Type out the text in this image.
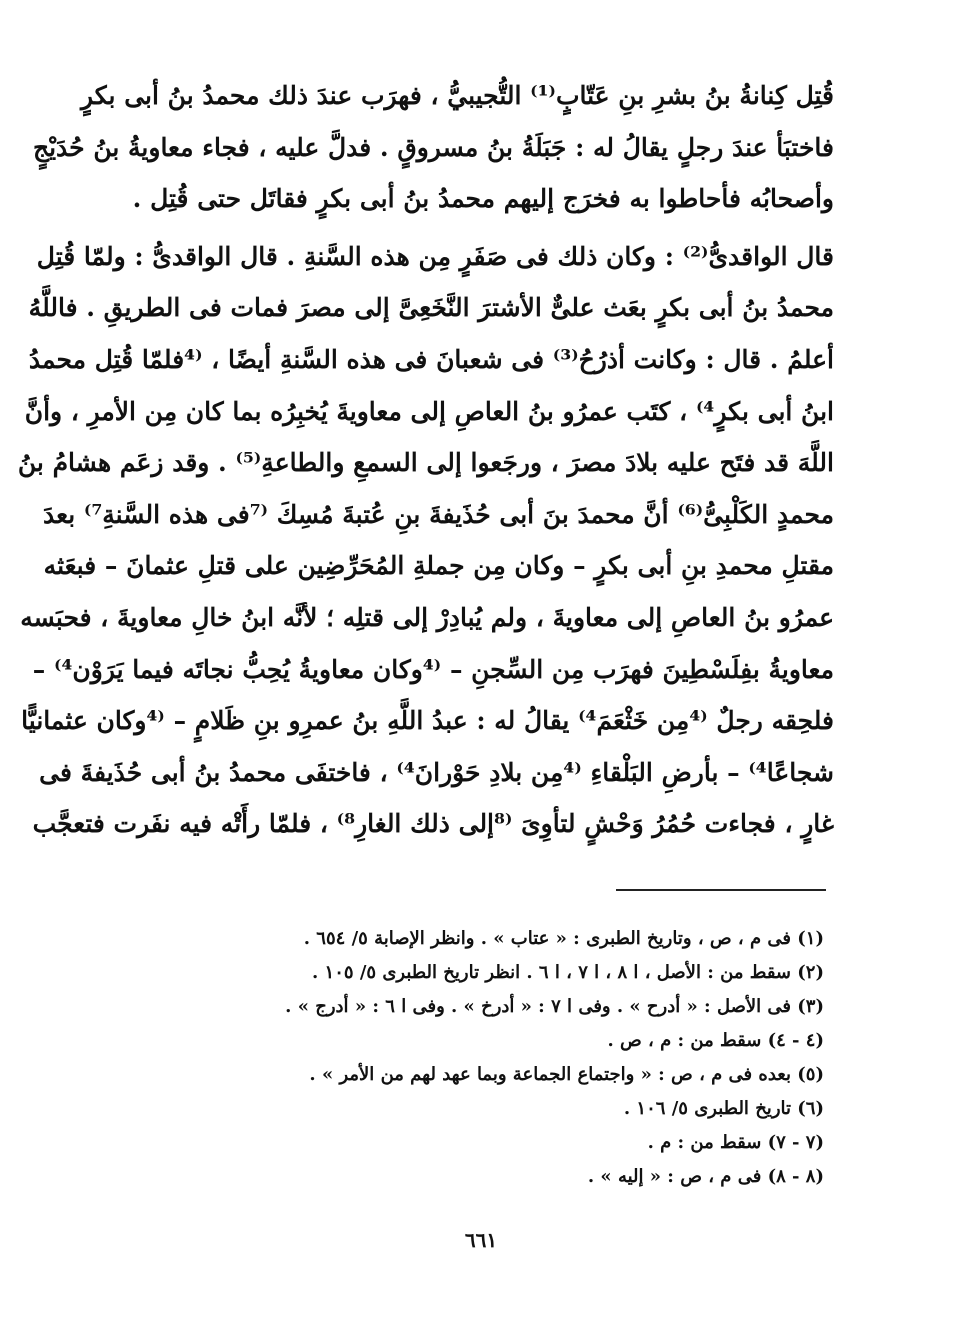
قُتِل كِنانةُ بنُ بشرِ بنِ عَتّابٍ⁽¹⁾ التُّجيبيُّ ، فهرَب عندَ ذلك محمدُ بنُ أبى بكرٍ
فاختبَأ عندَ رجلٍ يقالُ له : جَبَلَةُ بنُ مسروقٍ . فدلَّ عليه ، فجاء معاويةُ بنُ حُدَيْجٍ
وأصحابُه فأحاطوا به فخرَج إليهم محمدُ بنُ أبى بكرٍ فقاتَل حتى قُتِل .
قال الواقدىُّ⁽²⁾ : وكان ذلك فى صَفَرٍ مِن هذه السَّنةِ . قال الواقدىُّ : ولمّا قُتِل
محمدُ بنُ أبى بكرٍ بعَث علىٌّ الأشترَ النَّخَعِىَّ إلى مصرَ فمات فى الطريقِ . فاللَّهُ
أعلمُ . قال : وكانت أذرُحُ⁽³⁾ فى شعبانَ فى هذه السَّنةِ أيضًا ، ⁽⁴فلمّا قُتِل محمدُ
ابنُ أبى بكرٍ⁴⁾ ، كتَب عمرُو بنُ العاصِ إلى معاويةَ يُخبِرُه بما كان مِن الأمرِ ، وأنَّ
اللَّهَ قد فتَح عليه بلادَ مصرَ ، ورجَعوا إلى السمعِ والطاعةِ⁽⁵⁾ . وقد زعَم هشامُ بنُ
محمدٍ الكَلْبِىُّ⁽⁶⁾ أنَّ محمدَ بنَ أبى حُذَيفةَ بنِ عُتبةَ مُسِكَ ⁽⁷فى هذه السَّنةِ⁷⁾ بعدَ
مقتلِ محمدِ بنِ أبى بكرٍ – وكان مِن جملةِ المُحَرِّضِين على قتلِ عثمانَ – فبعَثه
عمرُو بنُ العاصِ إلى معاويةَ ، ولم يُبادِرْ إلى قتلِه ؛ لأنَّه ابنُ خالِ معاويةَ ، فحبَسه
معاويةُ بفِلَسْطِينَ فهرَب مِن السِّجنِ – ⁽⁴وكان معاويةُ يُحِبُّ نجاتَه فيما يَرَوْن⁴⁾ –
فلحِقه رجلٌ ⁽⁴مِن خَثْعَمَ⁴⁾ يقالُ له : عبدُ اللَّهِ بنُ عمرِو بنِ ظَلامٍ – ⁽⁴وكان عثمانيًّا
شجاعًا⁴⁾ – بأرضِ البَلْقاءِ ⁽⁴مِن بلادِ حَوْرانَ⁴⁾ ، فاختفَى محمدُ بنُ أبى حُذَيفةَ فى
غارٍ ، فجاءت حُمُرُ وَحْشٍ لتأوِىَ ⁽⁸إلى ذلك الغارِ⁸⁾ ، فلمّا رأَتْه فيه نفَرت فتعجَّب
(١) فى م ، ص ، وتاريخ الطبرى : « عتاب » . وانظر الإصابة ٥/ ٦٥٤ .
(٢) سقط من : الأصل ، ا ٨ ، ا ٧ ، ا ٦ . انظر تاريخ الطبرى ٥/ ١٠٥ .
(٣) فى الأصل : « أدرح » . وفى ا ٧ : « أدرخ » . وفى ا ٦ : « أدرج » .
(٤ - ٤) سقط من : م ، ص .
(٥) بعده فى م ، ص : « واجتماع الجماعة وبما عهد لهم من الأمر » .
(٦) تاريخ الطبرى ٥/ ١٠٦ .
(٧ - ٧) سقط من : م .
(٨ - ٨) فى م ، ص : « إليه » .
٦٦١
